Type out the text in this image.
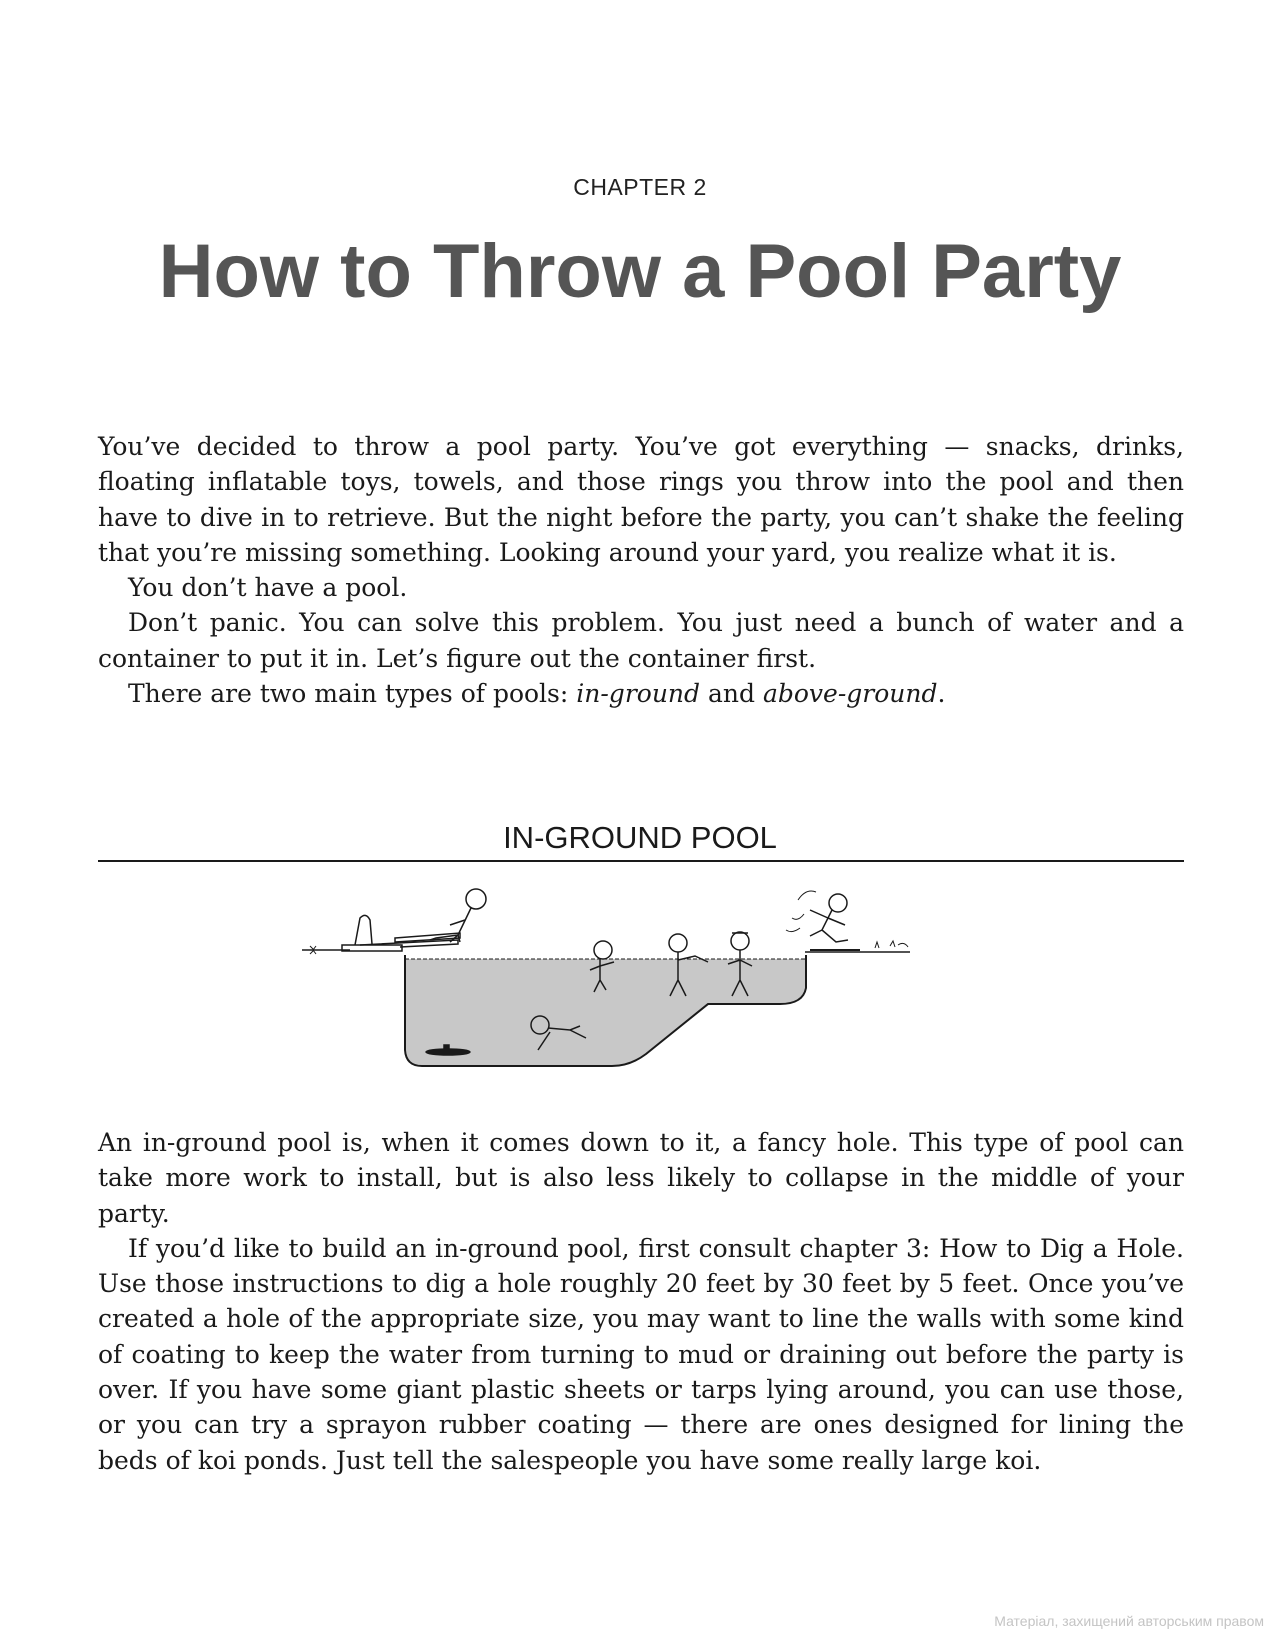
CHAPTER 2
How to Throw a Pool Party

You’ve decided to throw a pool party. You’ve got everything — snacks, drinks, floating inflatable toys, towels, and those rings you throw into the pool and then have to dive in to retrieve. But the night before the party, you can’t shake the feeling that you’re missing something. Looking around your yard, you realize what it is.

You don’t have a pool.

Don’t panic. You can solve this problem. You just need a bunch of water and a container to put it in. Let’s figure out the container first.

There are two main types of pools: in-ground and above-ground.

IN-GROUND POOL

An in-ground pool is, when it comes down to it, a fancy hole. This type of pool can take more work to install, but is also less likely to collapse in the middle of your party.

If you’d like to build an in-ground pool, first consult chapter 3: How to Dig a Hole. Use those instructions to dig a hole roughly 20 feet by 30 feet by 5 feet. Once you’ve created a hole of the appropriate size, you may want to line the walls with some kind of coating to keep the water from turning to mud or draining out before the party is over. If you have some giant plastic sheets or tarps lying around, you can use those, or you can try a sprayon rubber coating — there are ones designed for lining the beds of koi ponds. Just tell the salespeople you have some really large koi.

Матеріал, захищений авторським правом
